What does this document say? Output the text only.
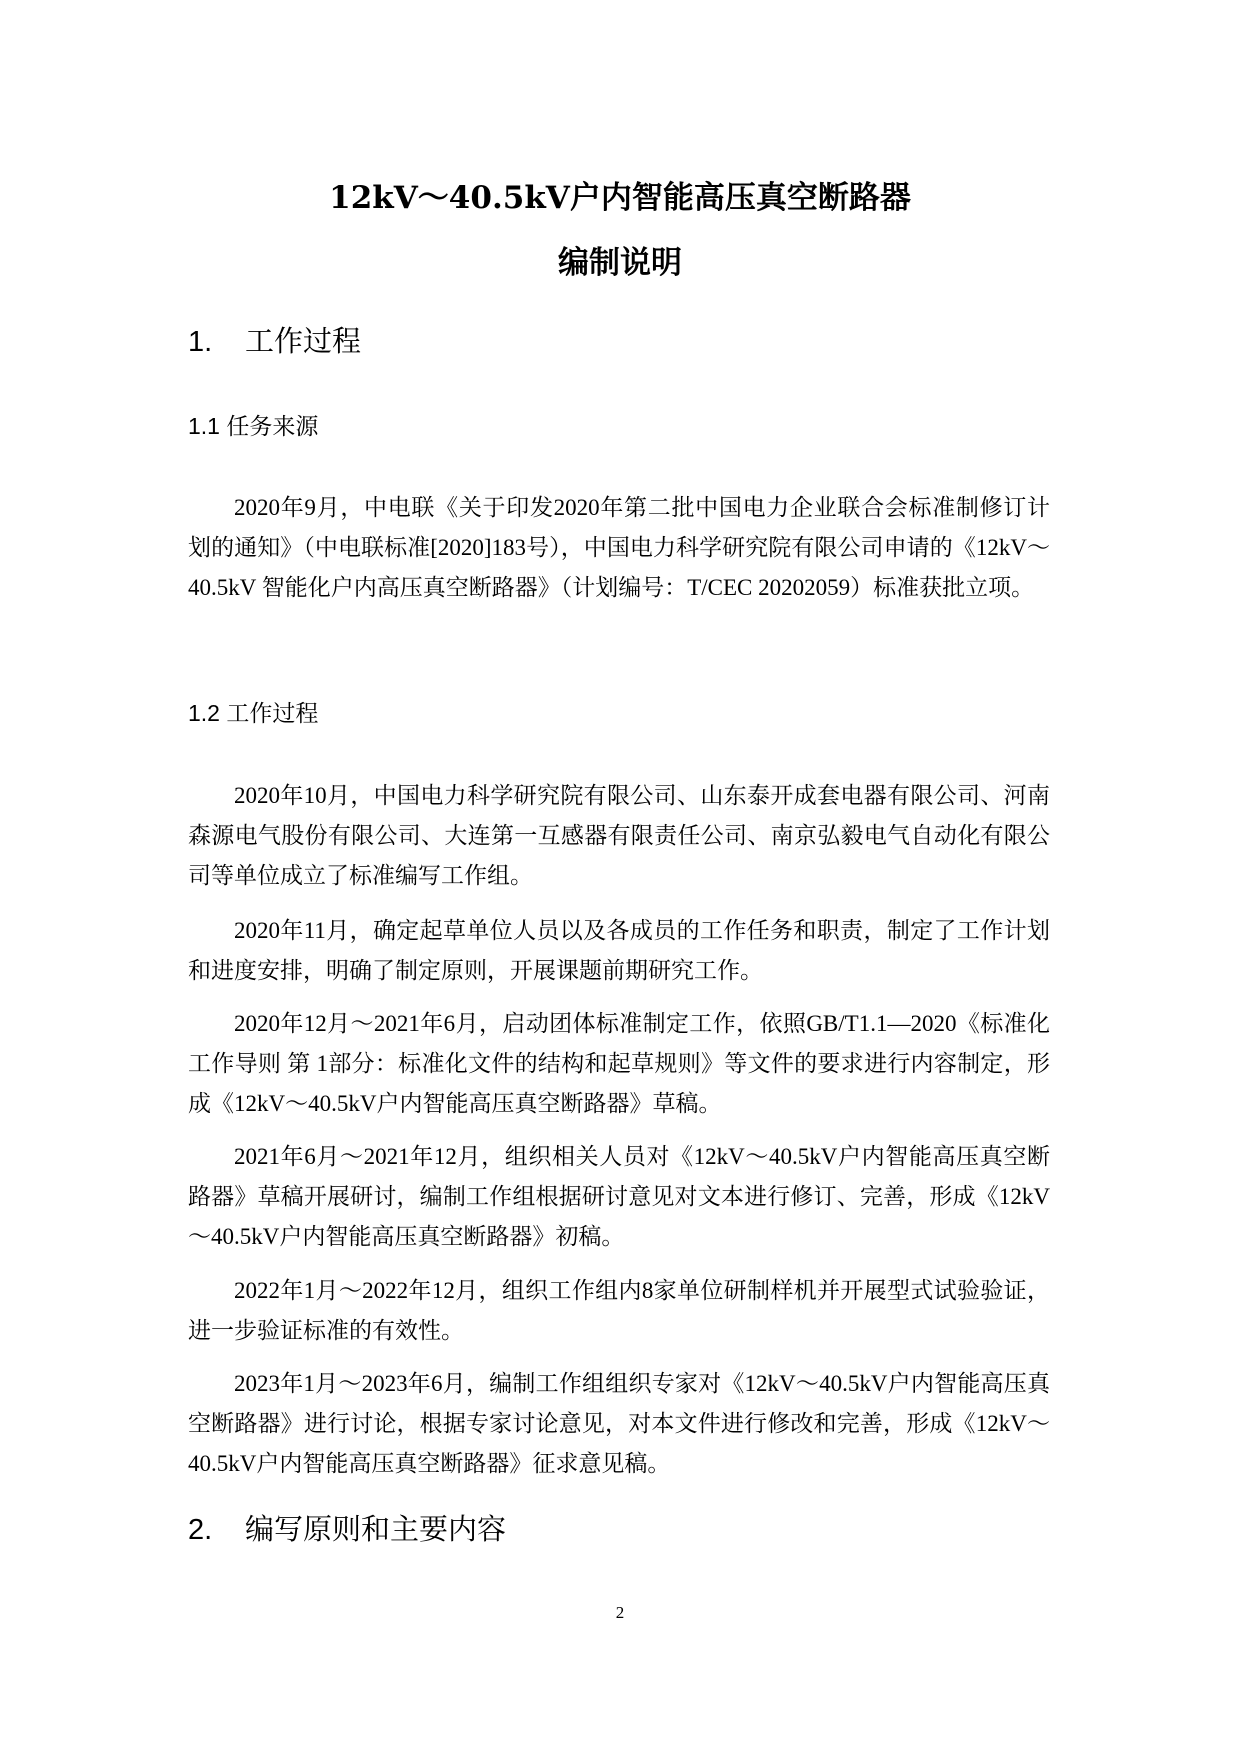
12kV～40.5kV户内智能高压真空断路器
编制说明
1. 工作过程
1.1 任务来源

2020年9月，中电联《关于印发2020年第二批中国电力企业联合会标准制修订计划的通知》（中电联标准[2020]183号），中国电力科学研究院有限公司申请的《12kV～40.5kV 智能化户内高压真空断路器》（计划编号：T/CEC 20202059）标准获批立项。

1.2 工作过程

2020年10月，中国电力科学研究院有限公司、山东泰开成套电器有限公司、河南森源电气股份有限公司、大连第一互感器有限责任公司、南京弘毅电气自动化有限公司等单位成立了标准编写工作组。

2020年11月，确定起草单位人员以及各成员的工作任务和职责，制定了工作计划和进度安排，明确了制定原则，开展课题前期研究工作。

2020年12月～2021年6月，启动团体标准制定工作，依照GB/T1.1—2020《标准化工作导则 第 1部分：标准化文件的结构和起草规则》等文件的要求进行内容制定，形成《12kV～40.5kV户内智能高压真空断路器》草稿。

2021年6月～2021年12月，组织相关人员对《12kV～40.5kV户内智能高压真空断路器》草稿开展研讨，编制工作组根据研讨意见对文本进行修订、完善，形成《12kV～40.5kV户内智能高压真空断路器》初稿。

2022年1月～2022年12月，组织工作组内8家单位研制样机并开展型式试验验证，进一步验证标准的有效性。

2023年1月～2023年6月，编制工作组组织专家对《12kV～40.5kV户内智能高压真空断路器》进行讨论，根据专家讨论意见，对本文件进行修改和完善，形成《12kV～40.5kV户内智能高压真空断路器》征求意见稿。

2. 编写原则和主要内容
2
